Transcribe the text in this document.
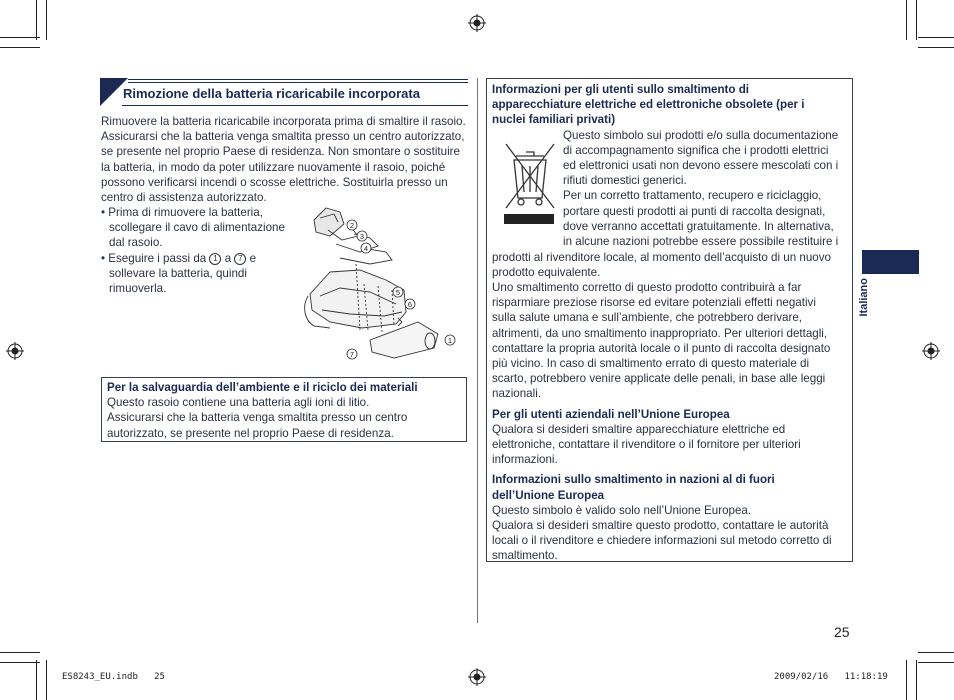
Rimozione della batteria ricaricabile incorporata
Rimuovere la batteria ricaricabile incorporata prima di smaltire il rasoio. Assicurarsi che la batteria venga smaltita presso un centro autorizzato, se presente nel proprio Paese di residenza. Non smontare o sostituire la batteria, in modo da poter utilizzare nuovamente il rasoio, poiché possono verificarsi incendi o scosse elettriche. Sostituirla presso un centro di assistenza autorizzato.
• Prima di rimuovere la batteria,
scollegare il cavo di alimentazione
dal rasoio.
• Eseguire i passi da 1 a 7 e
sollevare la batteria, quindi
rimuoverla.
2
3
4
5
6
1
7
Per la salvaguardia dell’ambiente e il riciclo dei materiali
Questo rasoio contiene una batteria agli ioni di litio.
Assicurarsi che la batteria venga smaltita presso un centro
autorizzato, se presente nel proprio Paese di residenza.
Informazioni per gli utenti sullo smaltimento di
apparecchiature elettriche ed elettroniche obsolete (per i
nuclei familiari privati)
Questo simbolo sui prodotti e/o sulla documentazione
di accompagnamento significa che i prodotti elettrici
ed elettronici usati non devono essere mescolati con i
rifiuti domestici generici.
Per un corretto trattamento, recupero e riciclaggio,
portare questi prodotti ai punti di raccolta designati,
dove verranno accettati gratuitamente. In alternativa,
in alcune nazioni potrebbe essere possibile restituire i
prodotti al rivenditore locale, al momento dell’acquisto di un nuovo
prodotto equivalente.
Uno smaltimento corretto di questo prodotto contribuirà a far
risparmiare preziose risorse ed evitare potenziali effetti negativi
sulla salute umana e sull’ambiente, che potrebbero derivare,
altrimenti, da uno smaltimento inappropriato. Per ulteriori dettagli,
contattare la propria autorità locale o il punto di raccolta designato
più vicino. In caso di smaltimento errato di questo materiale di
scarto, potrebbero venire applicate delle penali, in base alle leggi
nazionali.
Per gli utenti aziendali nell’Unione Europea
Qualora si desideri smaltire apparecchiature elettriche ed
elettroniche, contattare il rivenditore o il fornitore per ulteriori
informazioni.
Informazioni sullo smaltimento in nazioni al di fuori
dell’Unione Europea
Questo simbolo è valido solo nell’Unione Europea.
Qualora si desideri smaltire questo prodotto, contattare le autorità
locali o il rivenditore e chiedere informazioni sul metodo corretto di
smaltimento.
Italiano
25
ES8243_EU.indb   25	2009/02/16   11:18:19
